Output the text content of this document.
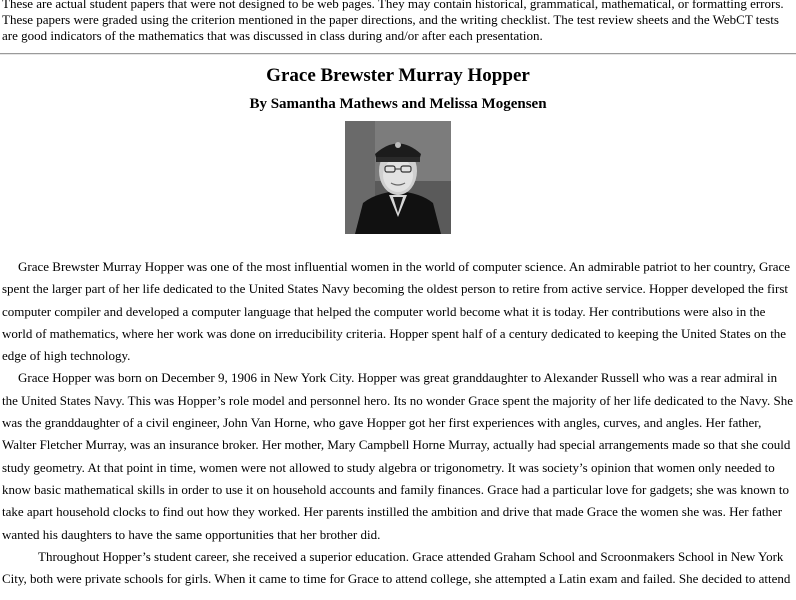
These are actual student papers that were not designed to be web pages. They may contain historical, grammatical, mathematical, or formatting errors. These papers were graded using the criterion mentioned in the paper directions, and the writing checklist. The test review sheets and the WebCT tests are good indicators of the mathematics that was discussed in class during and/or after each presentation.

Grace Brewster Murray Hopper
By Samantha Mathews and Melissa Mogensen

Grace Brewster Murray Hopper was one of the most influential women in the world of computer science. An admirable patriot to her country, Grace spent the larger part of her life dedicated to the United States Navy becoming the oldest person to retire from active service. Hopper developed the first computer compiler and developed a computer language that helped the computer world become what it is today. Her contributions were also in the world of mathematics, where her work was done on irreducibility criteria. Hopper spent half of a century dedicated to keeping the United States on the edge of high technology.

Grace Hopper was born on December 9, 1906 in New York City. Hopper was great granddaughter to Alexander Russell who was a rear admiral in the United States Navy. This was Hopper’s role model and personnel hero. Its no wonder Grace spent the majority of her life dedicated to the Navy. She was the granddaughter of a civil engineer, John Van Horne, who gave Hopper got her first experiences with angles, curves, and angles. Her father, Walter Fletcher Murray, was an insurance broker. Her mother, Mary Campbell Horne Murray, actually had special arrangements made so that she could study geometry. At that point in time, women were not allowed to study algebra or trigonometry. It was society’s opinion that women only needed to know basic mathematical skills in order to use it on household accounts and family finances. Grace had a particular love for gadgets; she was known to take apart household clocks to find out how they worked. Her parents instilled the ambition and drive that made Grace the women she was. Her father wanted his daughters to have the same opportunities that her brother did.

Throughout Hopper’s student career, she received a superior education. Grace attended Graham School and Scroonmakers School in New York City, both were private schools for girls. When it came to time for Grace to attend college, she attempted a Latin exam and failed. She decided to attend
